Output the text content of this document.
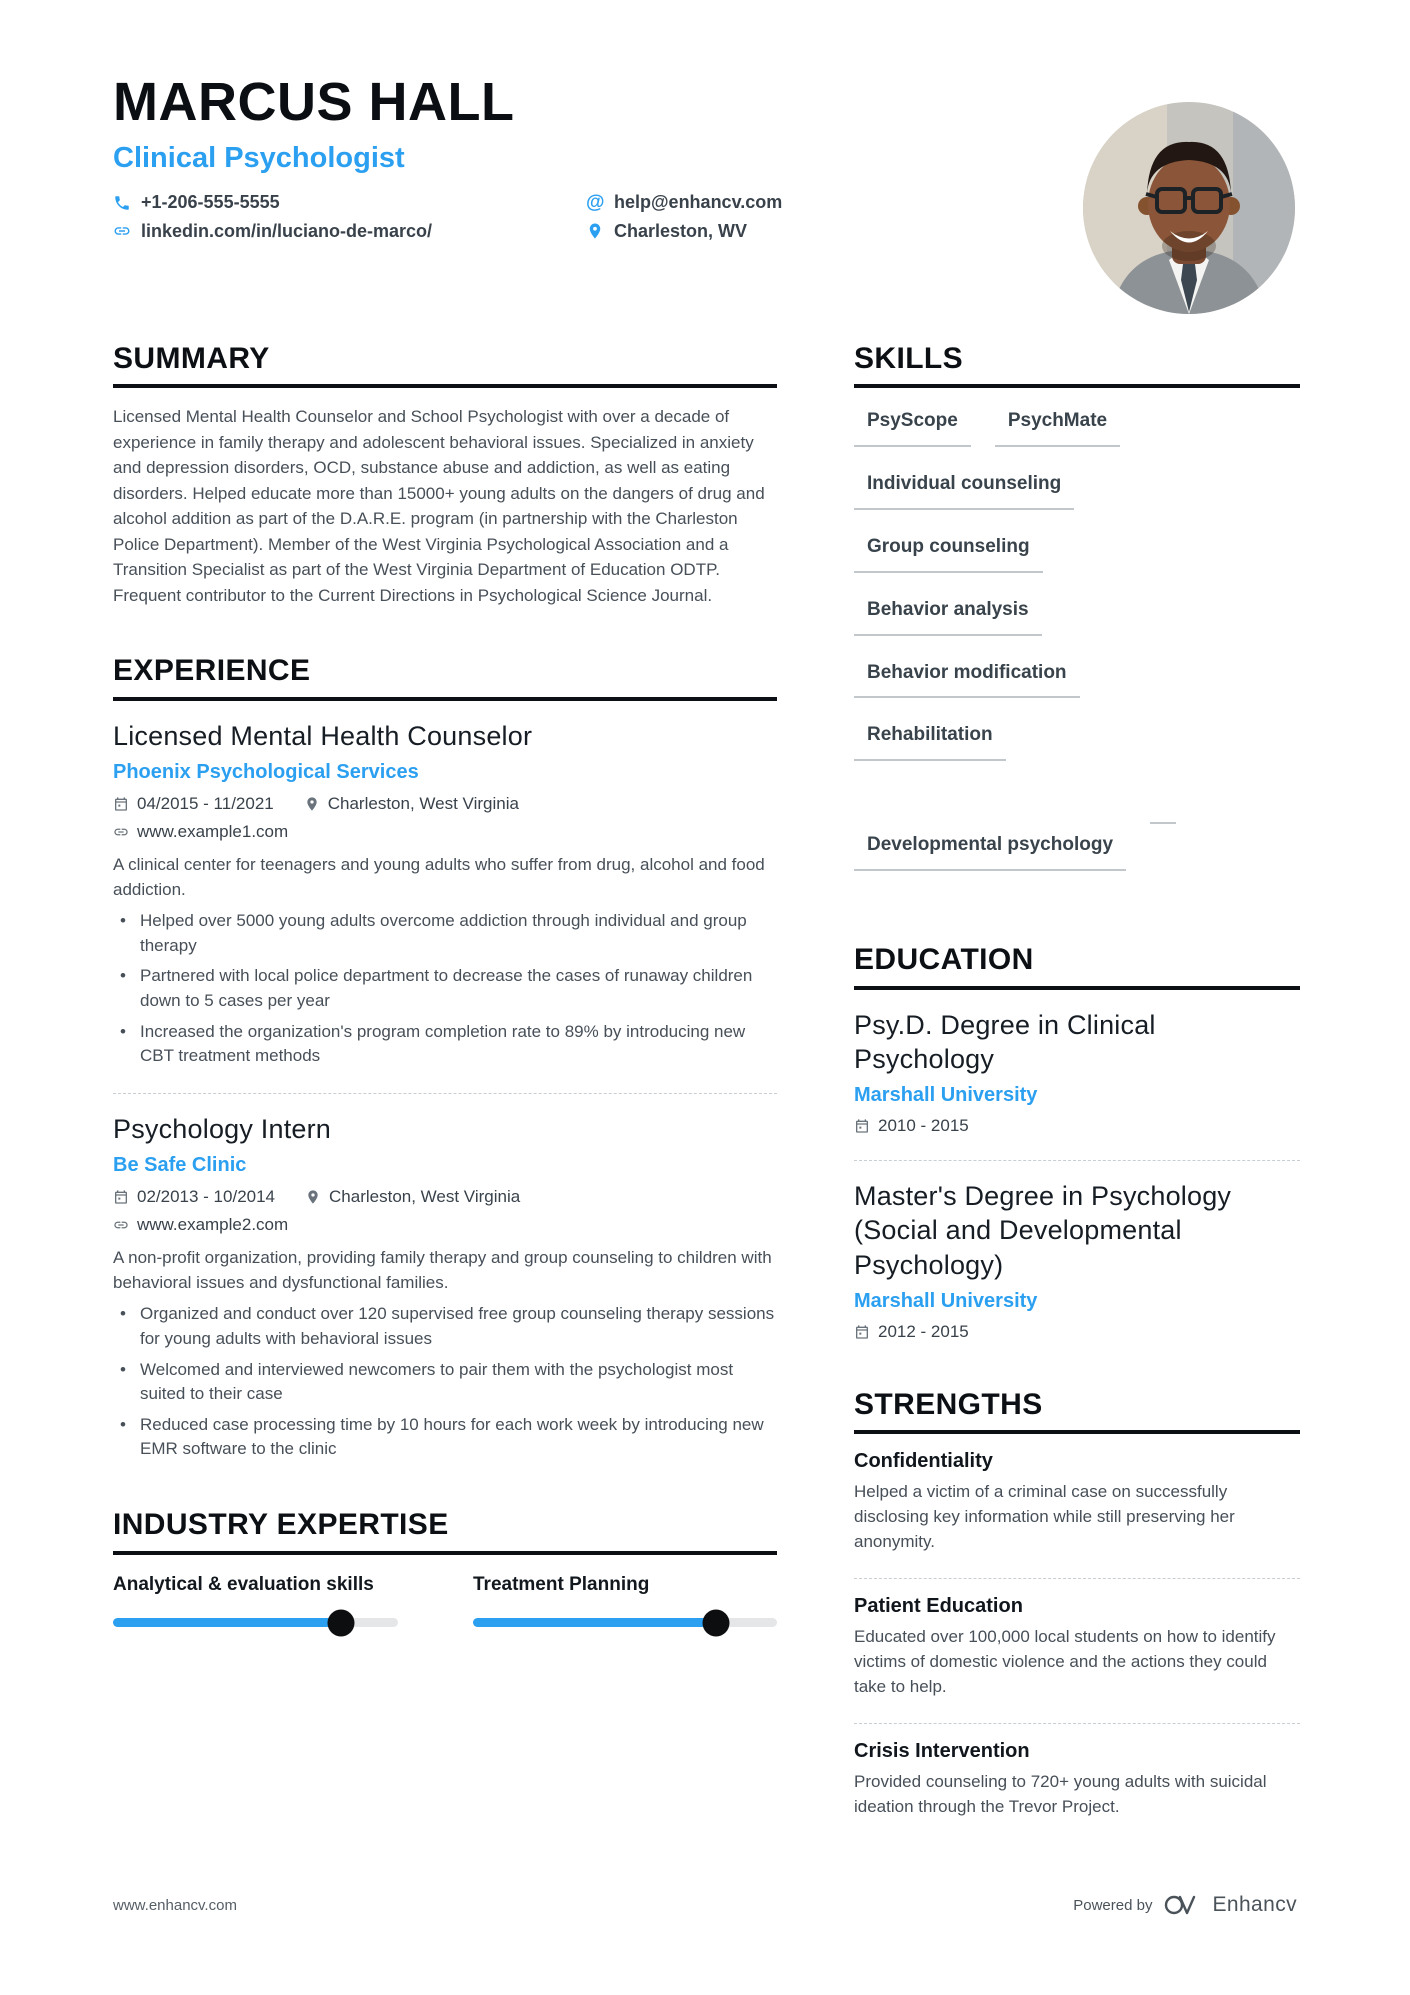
MARCUS HALL
Clinical Psychologist
+1-206-555-5555	@ help@enhancv.com
linkedin.com/in/luciano-de-marco/	Charleston, WV
SUMMARY
Licensed Mental Health Counselor and School Psychologist with over a decade of experience in family therapy and adolescent behavioral issues. Specialized in anxiety and depression disorders, OCD, substance abuse and addiction, as well as eating disorders. Helped educate more than 15000+ young adults on the dangers of drug and alcohol addition as part of the D.A.R.E. program (in partnership with the Charleston Police Department). Member of the West Virginia Psychological Association and a Transition Specialist as part of the West Virginia Department of Education ODTP. Frequent contributor to the Current Directions in Psychological Science Journal.
EXPERIENCE
Licensed Mental Health Counselor
Phoenix Psychological Services
04/2015 - 11/2021	Charleston, West Virginia
www.example1.com
A clinical center for teenagers and young adults who suffer from drug, alcohol and food addiction.
• Helped over 5000 young adults overcome addiction through individual and group therapy
• Partnered with local police department to decrease the cases of runaway children down to 5 cases per year
• Increased the organization's program completion rate to 89% by introducing new CBT treatment methods
Psychology Intern
Be Safe Clinic
02/2013 - 10/2014	Charleston, West Virginia
www.example2.com
A non-profit organization, providing family therapy and group counseling to children with behavioral issues and dysfunctional families.
• Organized and conduct over 120 supervised free group counseling therapy sessions for young adults with behavioral issues
• Welcomed and interviewed newcomers to pair them with the psychologist most suited to their case
• Reduced case processing time by 10 hours for each work week by introducing new EMR software to the clinic
INDUSTRY EXPERTISE
Analytical & evaluation skills	Treatment Planning
SKILLS
PsyScope	PsychMate
Individual counseling
Group counseling
Behavior analysis
Behavior modification
Rehabilitation
Developmental psychology
EDUCATION
Psy.D. Degree in Clinical Psychology
Marshall University
2010 - 2015
Master's Degree in Psychology (Social and Developmental Psychology)
Marshall University
2012 - 2015
STRENGTHS
Confidentiality
Helped a victim of a criminal case on successfully disclosing key information while still preserving her anonymity.
Patient Education
Educated over 100,000 local students on how to identify victims of domestic violence and the actions they could take to help.
Crisis Intervention
Provided counseling to 720+ young adults with suicidal ideation through the Trevor Project.
www.enhancv.com	Powered by	Enhancv
